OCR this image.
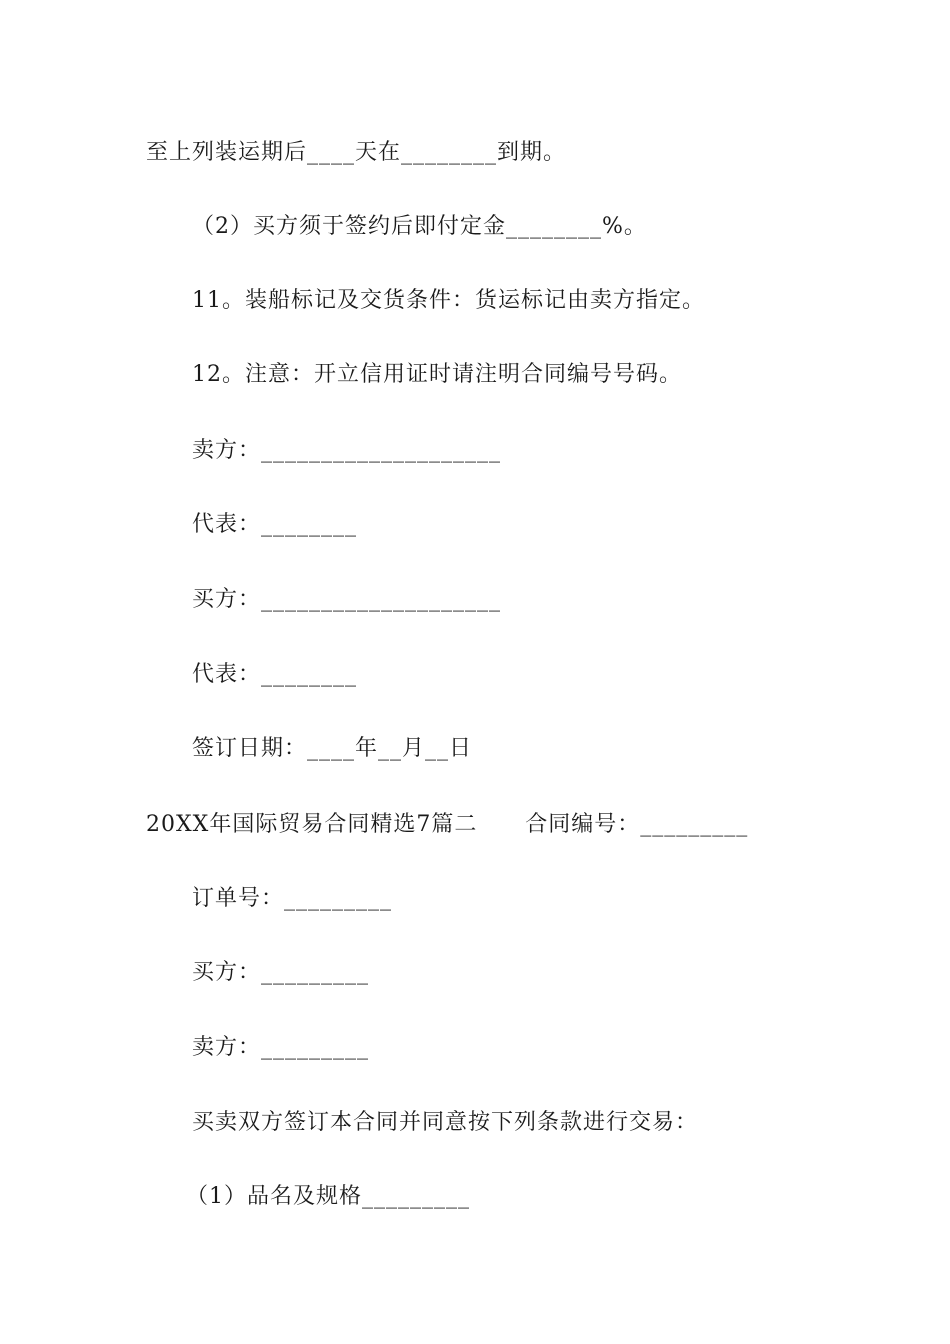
至上列装运期后____天在________到期。
（2）买方须于签约后即付定金________%。
11。装船标记及交货条件：货运标记由卖方指定。
12。注意：开立信用证时请注明合同编号号码。
卖方：____________________
代表：________
买方：____________________
代表：________
签订日期：____年__月__日
20XX年国际贸易合同精选7篇二      合同编号：_________
订单号：_________
买方：_________
卖方：_________
买卖双方签订本合同并同意按下列条款进行交易：
（1）品名及规格_________
